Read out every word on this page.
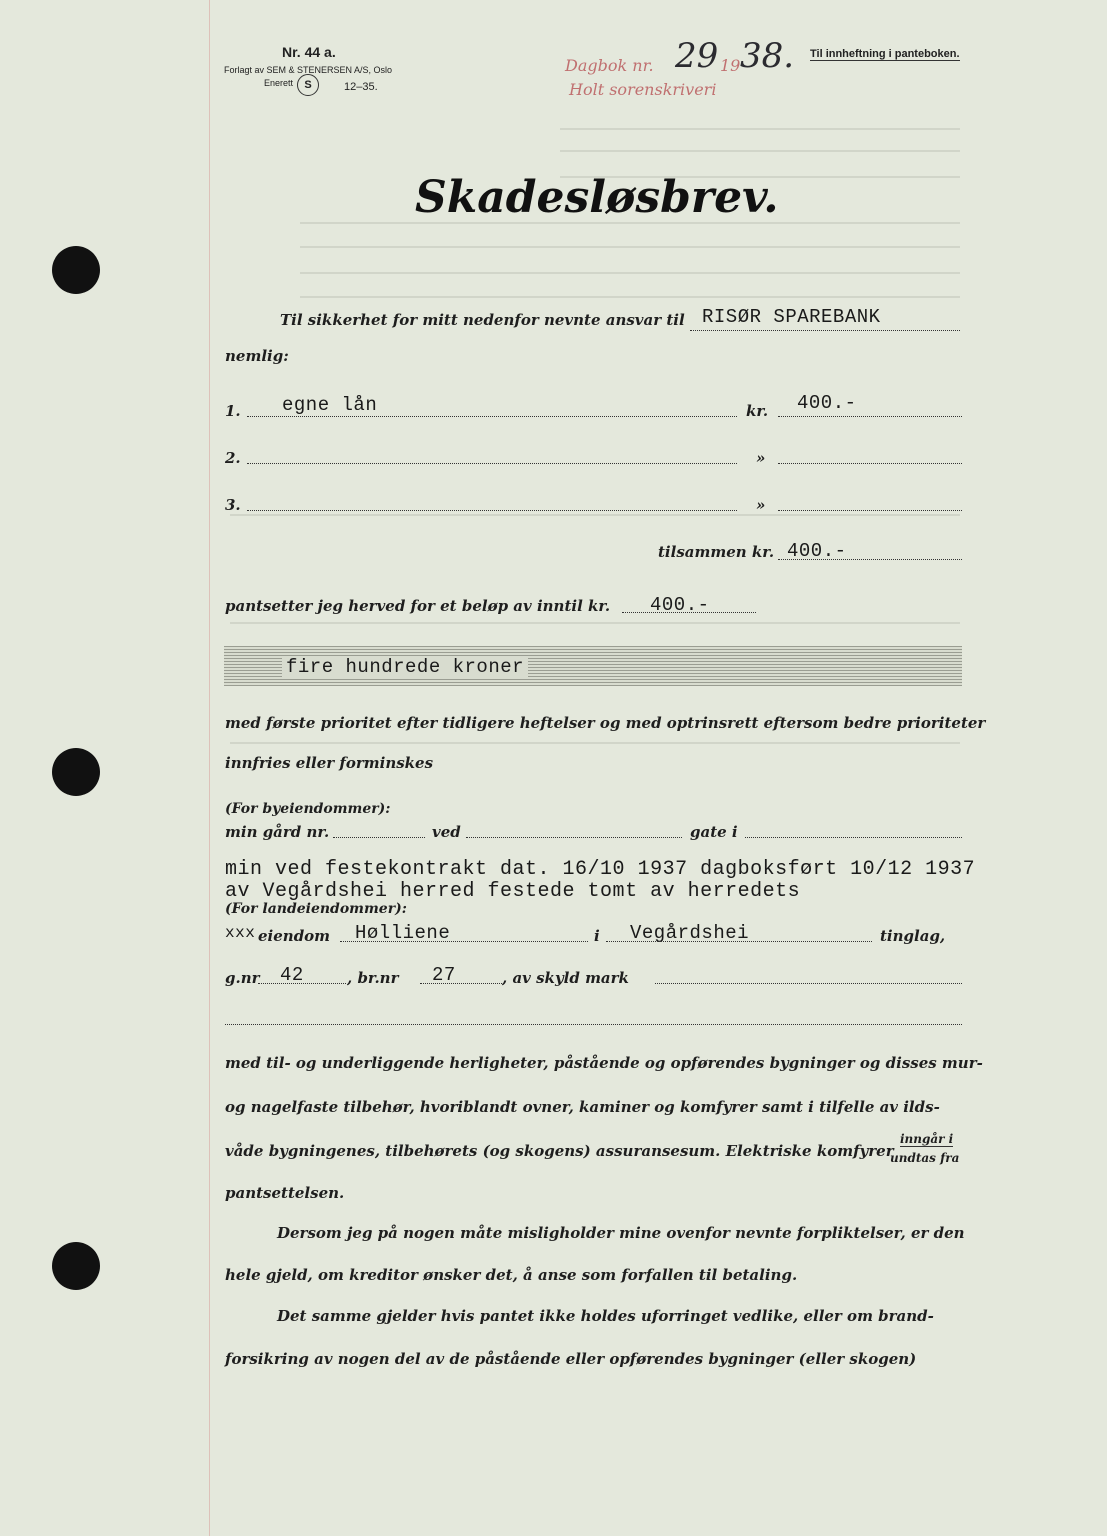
Nr. 44 a.
Forlagt av SEM & STENERSEN A/S, Oslo
Enerett	S	12–35.
Dagbok nr. 29 19 38.
Holt sorenskriveri
Til innheftning i panteboken.
Skadesløsbrev.
Til sikkerhet for mitt nedenfor nevnte ansvar til RISØR SPAREBANK
nemlig:
1. egne lån	kr. 400.-
2.	»
3.	»
tilsammen kr. 400.-
pantsetter jeg herved for et beløp av inntil kr. 400.-
fire hundrede kroner
med første prioritet efter tidligere heftelser og med optrinsrett eftersom bedre prioriteter
innfries eller forminskes
(For byeiendommer):
min gård nr.	ved	gate i
min ved festekontrakt dat. 16/10 1937 dagboksført 10/12 1937
av Vegårdshei herred festede tomt av herredets
(For landeiendommer):
xxx eiendom Hølliene	i Vegårdshei	tinglag,
g.nr 42	, br.nr 27	, av skyld mark
med til- og underliggende herligheter, påstående og opførendes bygninger og disses mur-
og nagelfaste tilbehør, hvoriblandt ovner, kaminer og komfyrer samt i tilfelle av ilds-
våde bygningenes, tilbehørets (og skogens) assuransesum. Elektriske komfyrer
inngår i
undtas fra
pantsettelsen.
Dersom jeg på nogen måte misligholder mine ovenfor nevnte forpliktelser, er den
hele gjeld, om kreditor ønsker det, å anse som forfallen til betaling.
Det samme gjelder hvis pantet ikke holdes uforringet vedlike, eller om brand-
forsikring av nogen del av de påstående eller opførendes bygninger (eller skogen)
